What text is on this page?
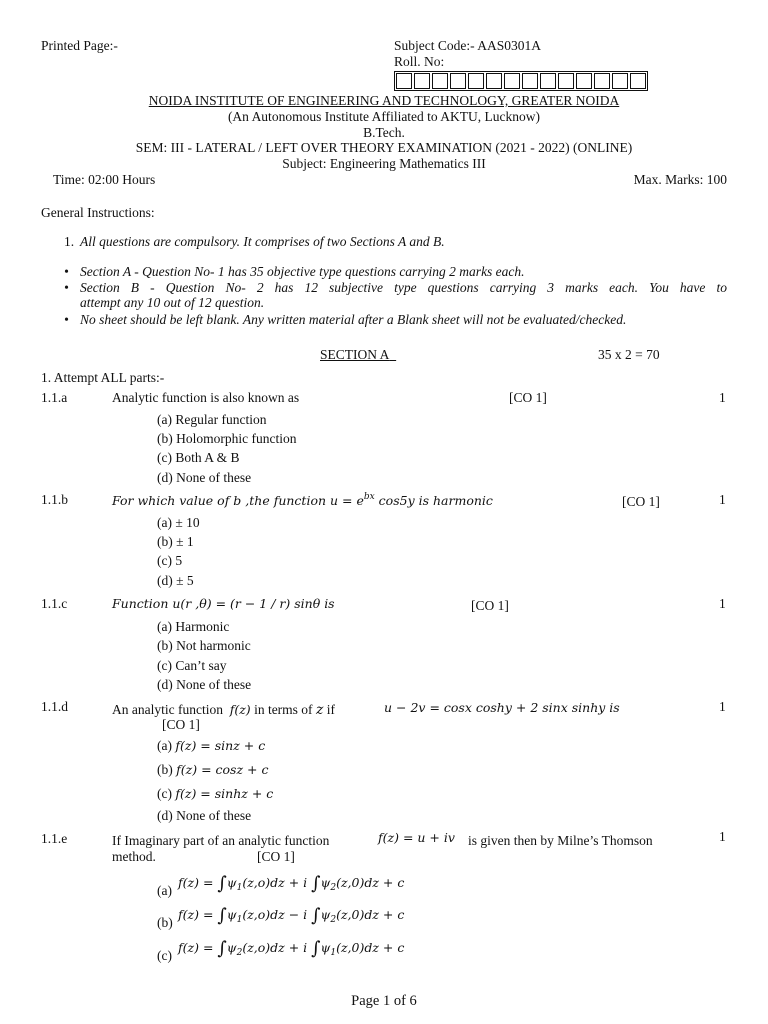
Printed Page:-	Subject Code:- AAS0301A
Roll. No:
NOIDA INSTITUTE OF ENGINEERING AND TECHNOLOGY, GREATER NOIDA
(An Autonomous Institute Affiliated to AKTU, Lucknow)
B.Tech.
SEM: III - LATERAL / LEFT OVER THEORY EXAMINATION (2021 - 2022) (ONLINE)
Subject: Engineering Mathematics III
Time: 02:00 Hours	Max. Marks: 100
General Instructions:
1. All questions are compulsory. It comprises of two Sections A and B.
• Section A - Question No- 1 has 35 objective type questions carrying 2 marks each.
• Section B - Question No- 2 has 12 subjective type questions carrying 3 marks each. You have to
attempt any 10 out of 12 question.
• No sheet should be left blank. Any written material after a Blank sheet will not be evaluated/checked.
SECTION A	35 x 2 = 70
1. Attempt ALL parts:-
1.1.a	Analytic function is also known as	[CO 1]	1
(a) Regular function
(b) Holomorphic function
(c) Both A & B
(d) None of these
1.1.b	For which value of b ,the function $u = e^{bx}$ cos5y is harmonic	[CO 1]	1
(a) ± 10
(b) ± 1
(c) 5
(d) ± 5
1.1.c	Function u(r ,θ) = (r − 1 / r) sinθ is	[CO 1]	1
(a) Harmonic
(b) Not harmonic
(c) Can’t say
(d) None of these
1.1.d	An analytic function f(z) in terms of z if	u − 2v = cosx coshy + 2 sinx sinhy is	1
[CO 1]
(a) f(z) = sinz + c
(b) f(z) = cosz + c
(c) f(z) = sinhz + c
(d) None of these
1.1.e	If Imaginary part of an analytic function	f(z) = u + iv is given then by Milne’s Thomson	1
method.	[CO 1]
(a)
$f(z) = \int\psi_1(z,o)dz + i$ $\int\psi_2(z,0)dz + c$
(b)
$f(z) = \int\psi_1(z,o)dz - i$ $\int\psi_2(z,0)dz + c$
(c)
$f(z) = \int\psi_2(z,o)dz + i$ $\int\psi_1(z,0)dz + c$
Page 1 of 6
